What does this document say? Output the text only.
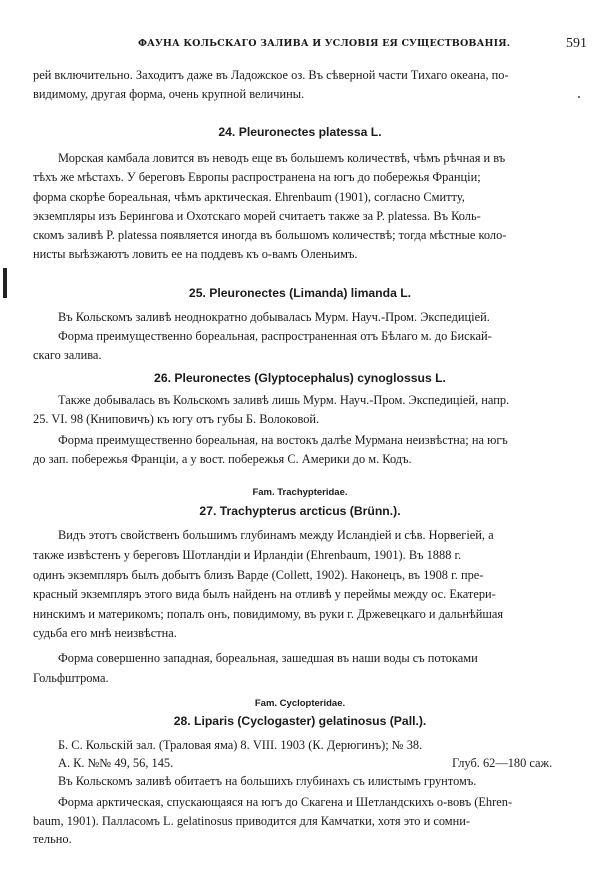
ФАУНА КОЛЬСКАГО ЗАЛИВА И УСЛОВІЯ ЕЯ СУЩЕСТВОВАНІЯ.	591
рей включительно. Заходитъ даже въ Ладожское оз. Въ сѣверной части Тихаго океана, по-
видимому, другая форма, очень крупной величины.
24. Pleuronectes platessa L.
Морская камбала ловится въ неводъ еще въ большемъ количествѣ, чѣмъ рѣчная и въ
тѣхъ же мѣстахъ. У береговъ Европы распространена на югъ до побережья Франціи;
форма скорѣе бореальная, чѣмъ арктическая. Ehrenbaum (1901), согласно Смитту,
экземпляры изъ Берингова и Охотскаго морей считаетъ также за P. platessa. Въ Коль-
скомъ заливѣ P. platessa появляется иногда въ большомъ количествѣ; тогда мѣстные коло-
нисты выѣзжаютъ ловить ее на поддевъ къ о-вамъ Оленьимъ.
25. Pleuronectes (Limanda) limanda L.
Въ Кольскомъ заливѣ неоднократно добывалась Мурм. Науч.-Пром. Экспедиціей.
Форма преимущественно бореальная, распространенная отъ Бѣлаго м. до Бискай-
скаго залива.
26. Pleuronectes (Glyptocephalus) cynoglossus L.
Также добывалась въ Кольскомъ заливѣ лишь Мурм. Науч.-Пром. Экспедиціей, напр.
25. VI. 98 (Книповичъ) къ югу отъ губы Б. Волоковой.
Форма преимущественно бореальная, на востокъ далѣе Мурмана неизвѣстна; на югъ
до зап. побережья Франціи, а у вост. побережья С. Америки до м. Кодъ.
Fam. Trachypteridae.
27. Trachypterus arcticus (Brünn.).
Видъ этотъ свойственъ большимъ глубинамъ между Исландіей и сѣв. Норвегіей, а
также извѣстенъ у береговъ Шотландіи и Ирландіи (Ehrenbaum, 1901). Въ 1888 г.
одинъ экземпляръ былъ добытъ близъ Варде (Collett, 1902). Наконецъ, въ 1908 г. пре-
красный экземпляръ этого вида былъ найденъ на отливѣ у переймы между ос. Екатери-
нинскимъ и материкомъ; попалъ онъ, повидимому, въ руки г. Држевецкаго и дальнѣйшая
судьба его мнѣ неизвѣстна.
Форма совершенно западная, бореальная, зашедшая въ наши воды съ потоками
Гольфштрома.
Fam. Cyclopteridae.
28. Liparis (Cyclogaster) gelatinosus (Pall.).
Б. С. Кольскій зал. (Траловая яма) 8. VIII. 1903 (К. Дерюгинъ); № 38.
А. К. №№ 49, 56, 145.	Глуб. 62—180 саж.
Въ Кольскомъ заливѣ обитаетъ на большихъ глубинахъ съ илистымъ грунтомъ.
Форма арктическая, спускающаяся на югъ до Скагена и Шетландскихъ о-вовъ (Ehren-
baum, 1901). Палласомъ L. gelatinosus приводится для Камчатки, хотя это и сомни-
тельно.
